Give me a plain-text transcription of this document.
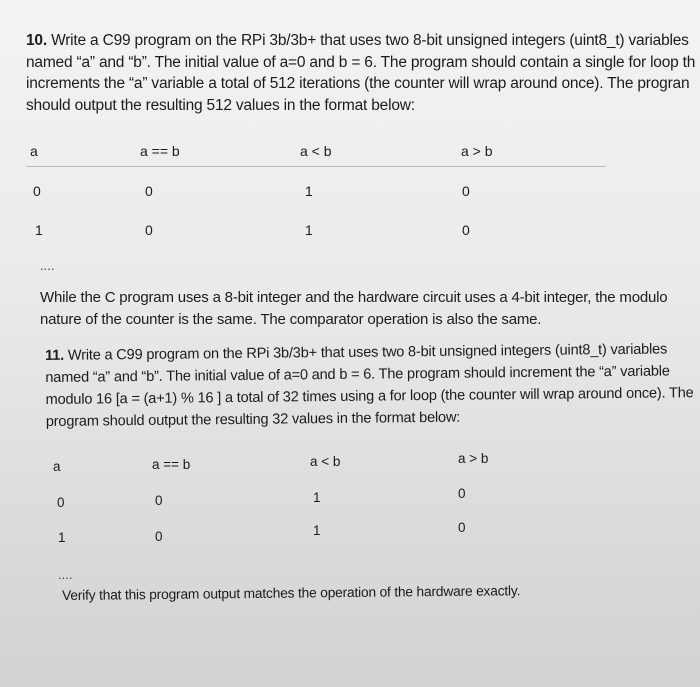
10. Write a C99 program on the RPi 3b/3b+ that uses two 8-bit unsigned integers (uint8_t) variables
named “a” and “b”. The initial value of a=0 and b = 6. The program should contain a single for loop th
increments the “a” variable a total of 512 iterations (the counter will wrap around once). The progran
should output the resulting 512 values in the format below:

a	a == b	a < b	a > b
0	0	1	0
1	0	1	0
....

While the C program uses a 8-bit integer and the hardware circuit uses a 4-bit integer, the modulo
nature of the counter is the same. The comparator operation is also the same.

11. Write a C99 program on the RPi 3b/3b+ that uses two 8-bit unsigned integers (uint8_t) variables
named “a” and “b”. The initial value of a=0 and b = 6. The program should increment the “a” variable
modulo 16 [a = (a+1) % 16 ] a total of 32 times using a for loop (the counter will wrap around once). The
program should output the resulting 32 values in the format below:

a	a == b	a < b	a > b
0	0	1	0
1	0	1	0
....

Verify that this program output matches the operation of the hardware exactly.
